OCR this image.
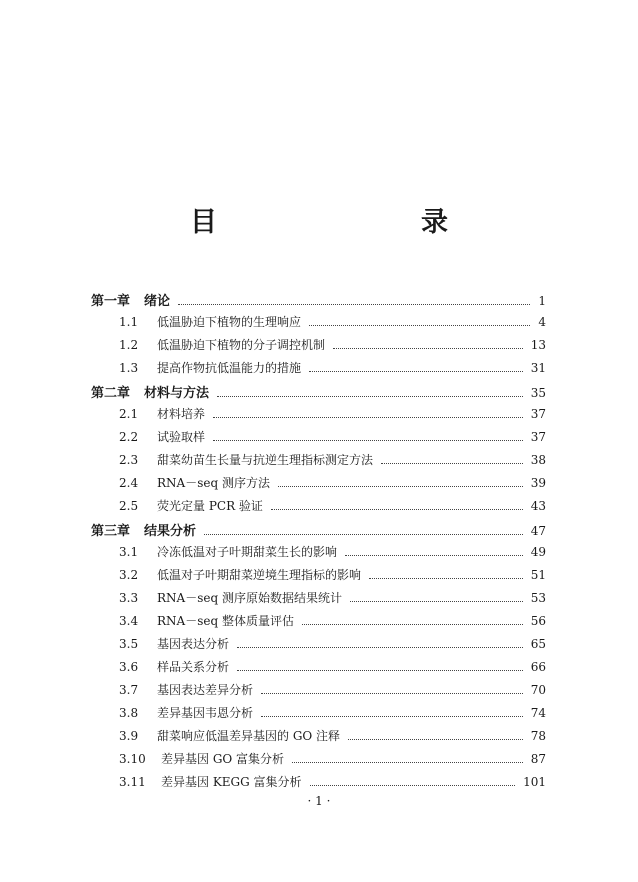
目　　录
第一章 绪论	1
1.1	低温胁迫下植物的生理响应	4
1.2	低温胁迫下植物的分子调控机制	13
1.3	提高作物抗低温能力的措施	31
第二章 材料与方法	35
2.1	材料培养	37
2.2	试验取样	37
2.3	甜菜幼苗生长量与抗逆生理指标测定方法	38
2.4	RNA－seq 测序方法	39
2.5	荧光定量 PCR 验证	43
第三章 结果分析	47
3.1	冷冻低温对子叶期甜菜生长的影响	49
3.2	低温对子叶期甜菜逆境生理指标的影响	51
3.3	RNA－seq 测序原始数据结果统计	53
3.4	RNA－seq 整体质量评估	56
3.5	基因表达分析	65
3.6	样品关系分析	66
3.7	基因表达差异分析	70
3.8	差异基因韦恩分析	74
3.9	甜菜响应低温差异基因的 GO 注释	78
3.10	差异基因 GO 富集分析	87
3.11	差异基因 KEGG 富集分析	101
· 1 ·
